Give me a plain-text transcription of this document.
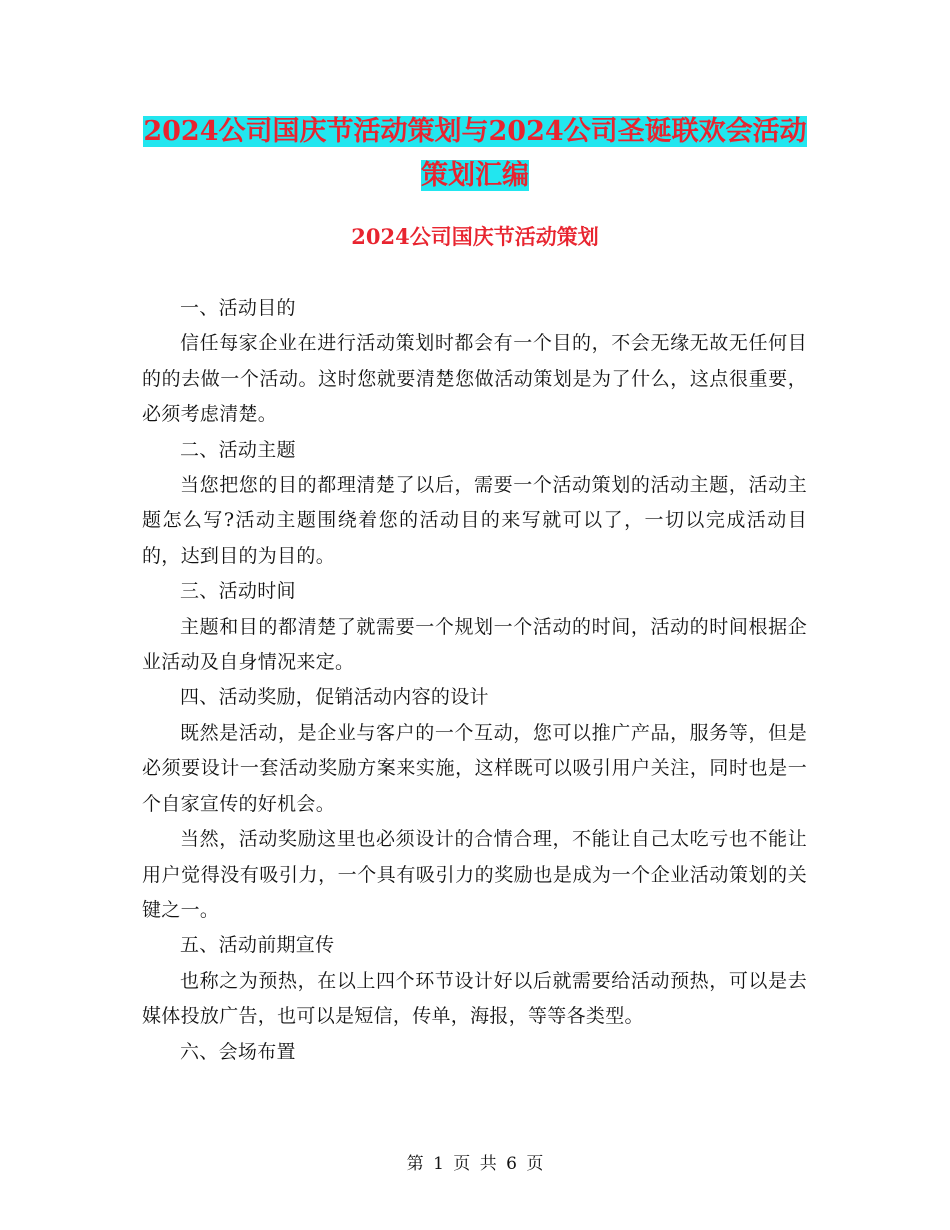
2024公司国庆节活动策划与2024公司圣诞联欢会活动
策划汇编
2024公司国庆节活动策划

一、活动目的

信任每家企业在进行活动策划时都会有一个目的，不会无缘无故无任何目的的去做一个活动。这时您就要清楚您做活动策划是为了什么，这点很重要，必须考虑清楚。

二、活动主题

当您把您的目的都理清楚了以后，需要一个活动策划的活动主题，活动主题怎么写?活动主题围绕着您的活动目的来写就可以了，一切以完成活动目的，达到目的为目的。

三、活动时间

主题和目的都清楚了就需要一个规划一个活动的时间，活动的时间根据企业活动及自身情况来定。

四、活动奖励，促销活动内容的设计

既然是活动，是企业与客户的一个互动，您可以推广产品，服务等，但是必须要设计一套活动奖励方案来实施，这样既可以吸引用户关注，同时也是一个自家宣传的好机会。

当然，活动奖励这里也必须设计的合情合理，不能让自己太吃亏也不能让用户觉得没有吸引力，一个具有吸引力的奖励也是成为一个企业活动策划的关键之一。

五、活动前期宣传

也称之为预热，在以上四个环节设计好以后就需要给活动预热，可以是去媒体投放广告，也可以是短信，传单，海报，等等各类型。

六、会场布置

第 1 页 共 6 页
